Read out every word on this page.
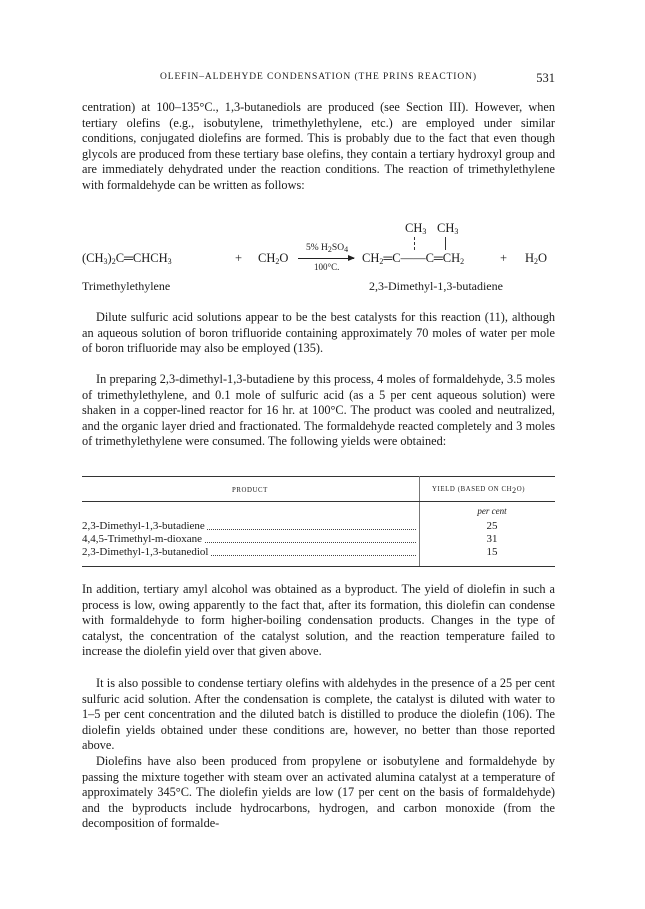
OLEFIN–ALDEHYDE CONDENSATION (THE PRINS REACTION)	531
centration) at 100–135°C., 1,3-butanediols are produced (see Section III). However, when tertiary olefins (e.g., isobutylene, trimethylethylene, etc.) are employed under similar conditions, conjugated diolefins are formed. This is probably due to the fact that even though glycols are produced from these tertiary base olefins, they contain a tertiary hydroxyl group and are immediately dehydrated under the reaction conditions. The reaction of trimethylethylene with formaldehyde can be written as follows:
$CH_3$ $CH_3$
$(CH_3)_2C═CHCH_3$	+ $CH_2O$
5% $H_2SO_4$
100°C.
$CH_2═C——C═CH_2$	+ $H_2O$
Trimethylethylene	2,3-Dimethyl-1,3-butadiene
Dilute sulfuric acid solutions appear to be the best catalysts for this reaction (11), although an aqueous solution of boron trifluoride containing approximately 70 moles of water per mole of boron trifluoride may also be employed (135).
In preparing 2,3-dimethyl-1,3-butadiene by this process, 4 moles of formaldehyde, 3.5 moles of trimethylethylene, and 0.1 mole of sulfuric acid (as a 5 per cent aqueous solution) were shaken in a copper-lined reactor for 16 hr. at 100°C. The product was cooled and neutralized, and the organic layer dried and fractionated. The formaldehyde reacted completely and 3 moles of trimethylethylene were consumed. The following yields were obtained:
PRODUCT	YIELD (BASED ON $CH_2O$)
per cent
2,3-Dimethyl-1,3-butadiene	25
4,4,5-Trimethyl-m-dioxane	31
2,3-Dimethyl-1,3-butanediol	15
In addition, tertiary amyl alcohol was obtained as a byproduct. The yield of diolefin in such a process is low, owing apparently to the fact that, after its formation, this diolefin can condense with formaldehyde to form higher-boiling condensation products. Changes in the type of catalyst, the concentration of the catalyst solution, and the reaction temperature failed to increase the diolefin yield over that given above.
It is also possible to condense tertiary olefins with aldehydes in the presence of a 25 per cent sulfuric acid solution. After the condensation is complete, the catalyst is diluted with water to 1–5 per cent concentration and the diluted batch is distilled to produce the diolefin (106). The diolefin yields obtained under these conditions are, however, no better than those reported above.
Diolefins have also been produced from propylene or isobutylene and formaldehyde by passing the mixture together with steam over an activated alumina catalyst at a temperature of approximately 345°C. The diolefin yields are low (17 per cent on the basis of formaldehyde) and the byproducts include hydrocarbons, hydrogen, and carbon monoxide (from the decomposition of formalde-
